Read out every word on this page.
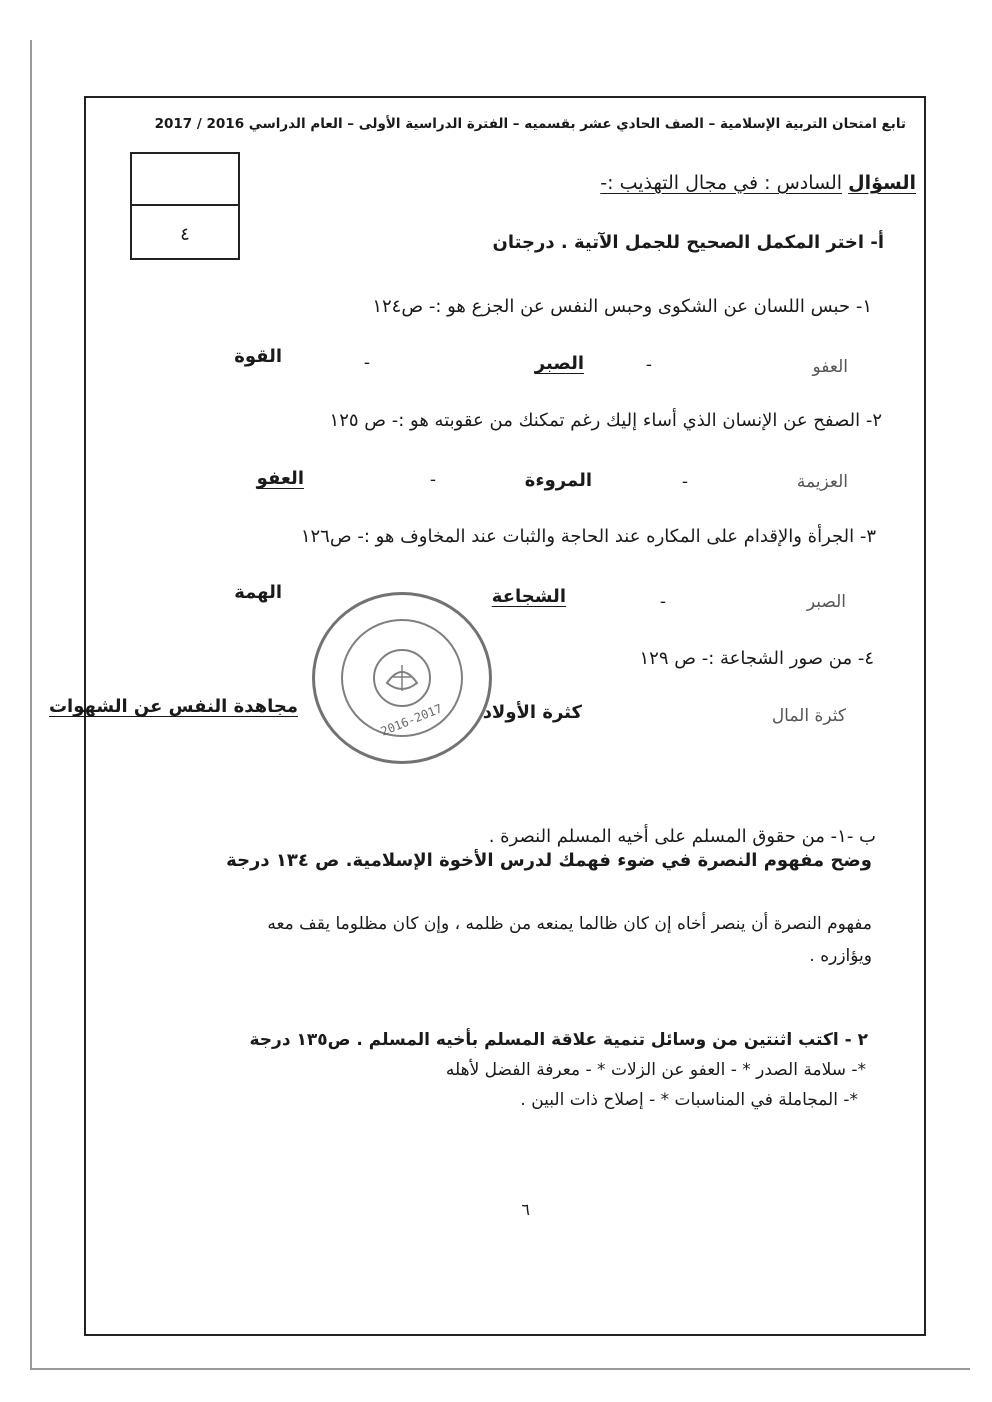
تابع امتحان التربية الإسلامية – الصف الحادي عشر بقسميه – الفترة الدراسية الأولى – العام الدراسي 2016 / 2017
٤
السؤال السادس : في مجال التهذيب :-
أ- اختر المكمل الصحيح للجمل الآتية . درجتان
١- حبس اللسان عن الشكوى وحبس النفس عن الجزع هو :- ص١٢٤
العفو
-
الصبر
-
القوة
٢- الصفح عن الإنسان الذي أساء إليك رغم تمكنك من عقوبته هو :- ص ١٢٥
العزيمة
-
المروءة
-
العفو
٣- الجرأة والإقدام على المكاره عند الحاجة والثبات عند المخاوف هو :- ص١٢٦
الصبر
-
الشجاعة
الهمة
٤- من صور الشجاعة :- ص ١٢٩
كثرة المال
كثرة الأولاد
مجاهدة النفس عن الشهوات	2016-2017
ب -١- من حقوق المسلم على أخيه المسلم النصرة .
وضح مفهوم النصرة في ضوء فهمك لدرس الأخوة الإسلامية. ص ١٣٤ درجة
مفهوم النصرة أن ينصر أخاه إن كان ظالما يمنعه من ظلمه ، وإن كان مظلوما يقف معه
ويؤازره .
٢ - اكتب اثنتين من وسائل تنمية علاقة المسلم بأخيه المسلم . ص١٣٥ درجة
*- سلامة الصدر * - العفو عن الزلات * - معرفة الفضل لأهله
*- المجاملة في المناسبات * - إصلاح ذات البين .
٦
